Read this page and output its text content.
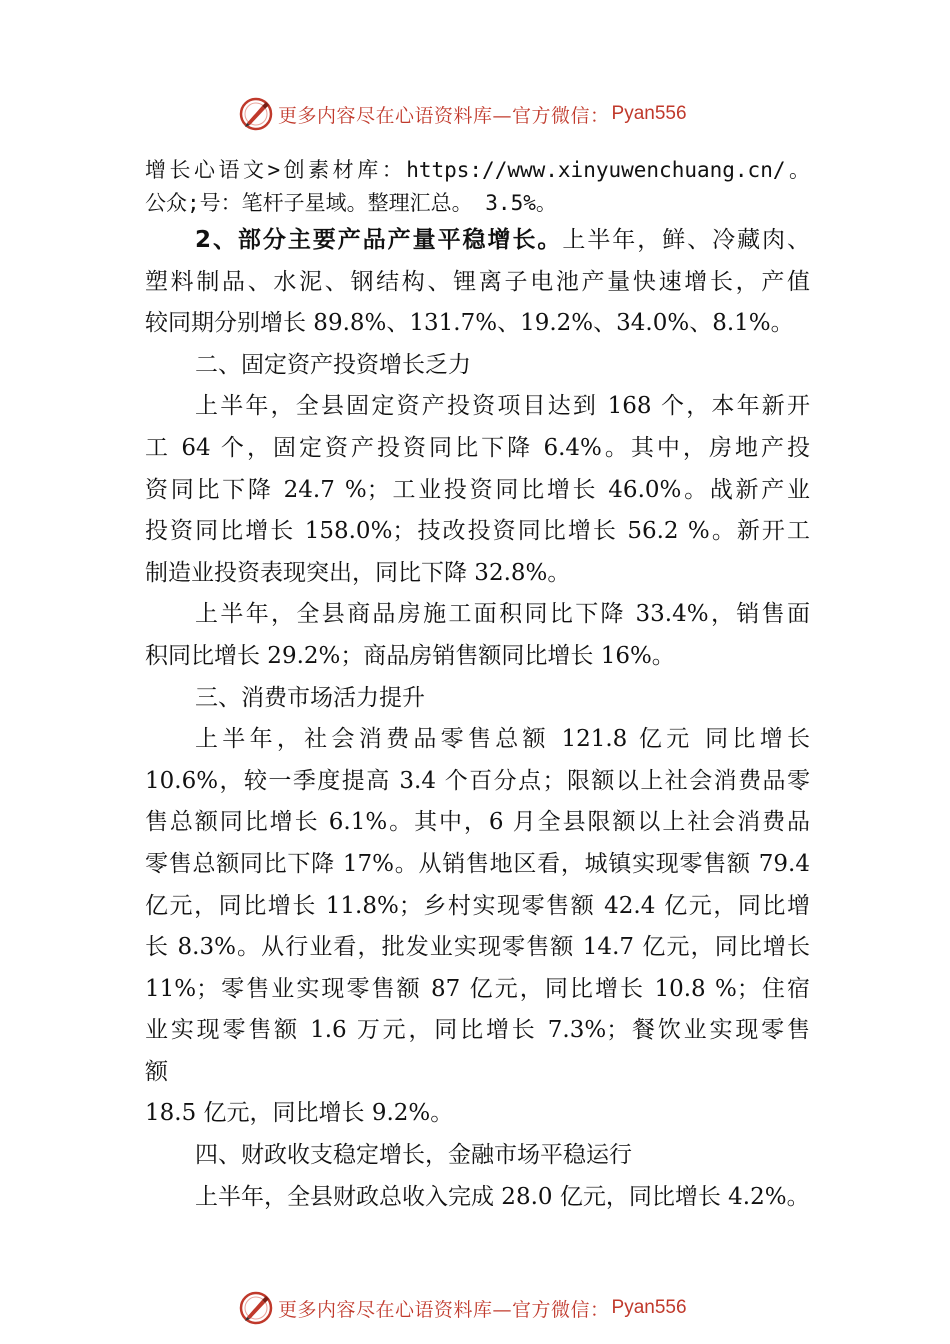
更多内容尽在心语资料库—官方微信： Pyan556
增长心语文>创素材库：https://www.xinyuwenchuang.cn/。
公众;号：笔杆子星域。整理汇总。 3.5%。
2、部分主要产品产量平稳增长。上半年，鲜、冷藏肉、
塑料制品、水泥、钢结构、锂离子电池产量快速增长，产值
较同期分别增长 89.8%、131.7%、19.2%、34.0%、8.1%。
二、固定资产投资增长乏力
上半年，全县固定资产投资项目达到 168 个，本年新开
工 64 个，固定资产投资同比下降 6.4%。其中，房地产投
资同比下降 24.7 %；工业投资同比增长 46.0%。战新产业
投资同比增长 158.0%；技改投资同比增长 56.2 %。新开工
制造业投资表现突出，同比下降 32.8%。
上半年，全县商品房施工面积同比下降 33.4%，销售面
积同比增长 29.2%；商品房销售额同比增长 16%。
三、消费市场活力提升
上半年，社会消费品零售总额 121.8 亿元 同比增长
10.6%，较一季度提高 3.4 个百分点；限额以上社会消费品零
售总额同比增长 6.1%。其中，6 月全县限额以上社会消费品
零售总额同比下降 17%。从销售地区看，城镇实现零售额 79.4
亿元，同比增长 11.8%；乡村实现零售额 42.4 亿元，同比增
长 8.3%。从行业看，批发业实现零售额 14.7 亿元，同比增长
11%；零售业实现零售额 87 亿元，同比增长 10.8 %；住宿
业实现零售额 1.6 万元，同比增长 7.3%；餐饮业实现零售
额
18.5 亿元，同比增长 9.2%。
四、财政收支稳定增长，金融市场平稳运行
上半年，全县财政总收入完成 28.0 亿元，同比增长 4.2%。
更多内容尽在心语资料库—官方微信： Pyan556
